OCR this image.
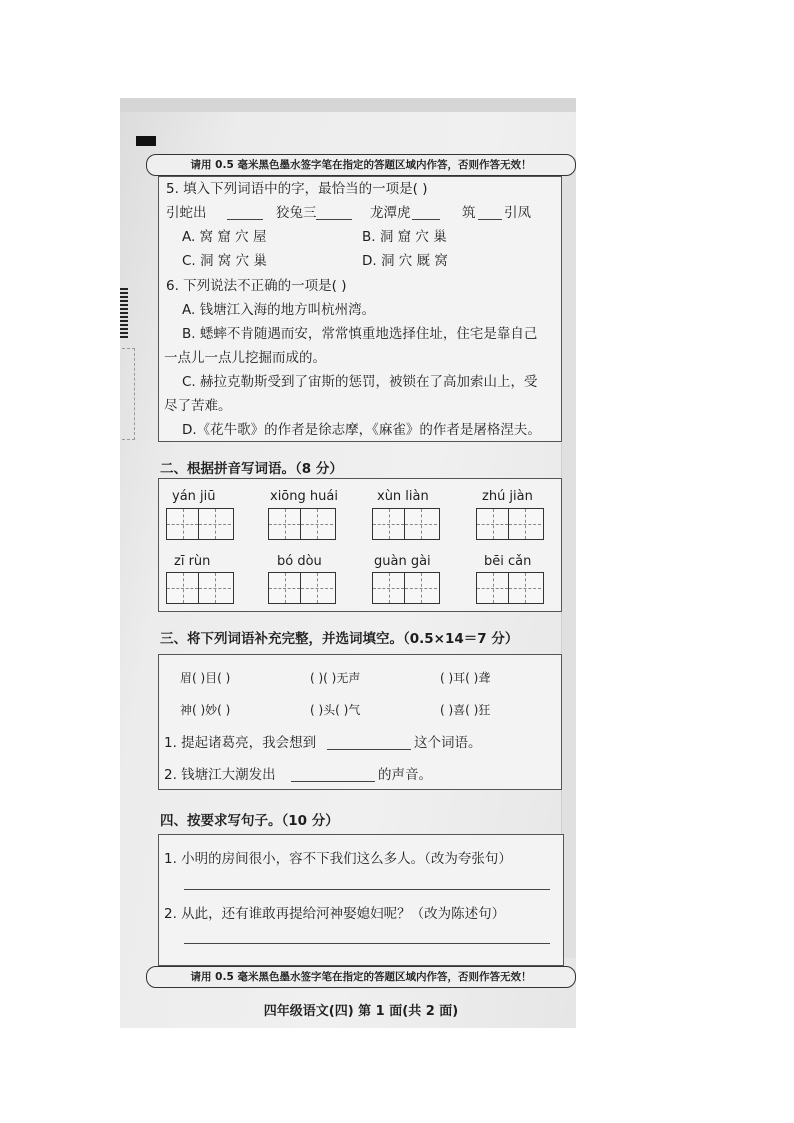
请用 0.5 毫米黑色墨水签字笔在指定的答题区域内作答，否则作答无效！
5. 填入下列词语中的字，最恰当的一项是( )
引蛇出	狡兔三	龙潭虎	筑 引凤
A. 窝 窟 穴 屋	B. 洞 窟 穴 巢
C. 洞 窝 穴 巢	D. 洞 穴 厩 窝
6. 下列说法不正确的一项是( )
A. 钱塘江入海的地方叫杭州湾。
B. 蟋蟀不肯随遇而安，常常慎重地选择住址，住宅是靠自己
一点儿一点儿挖掘而成的。
C. 赫拉克勒斯受到了宙斯的惩罚，被锁在了高加索山上，受
尽了苦难。
D.《花牛歌》的作者是徐志摩，《麻雀》的作者是屠格涅夫。
二、根据拼音写词语。（8 分）
yán jiū	xiōng huái	xùn liàn	zhú jiàn
zī rùn	bó dòu	guàn gài	bēi cǎn
三、将下列词语补充完整，并选词填空。（0.5×14＝7 分）
眉( )目( )	( )( )无声	( )耳( )聋
神( )妙( )	( )头( )气	( )喜( )狂
1. 提起诸葛亮，我会想到	这个词语。
2. 钱塘江大潮发出	的声音。
四、按要求写句子。（10 分）
1. 小明的房间很小，容不下我们这么多人。（改为夸张句）
2. 从此，还有谁敢再提给河神娶媳妇呢？（改为陈述句）
请用 0.5 毫米黑色墨水签字笔在指定的答题区域内作答，否则作答无效！
四年级语文(四) 第 1 面(共 2 面)
